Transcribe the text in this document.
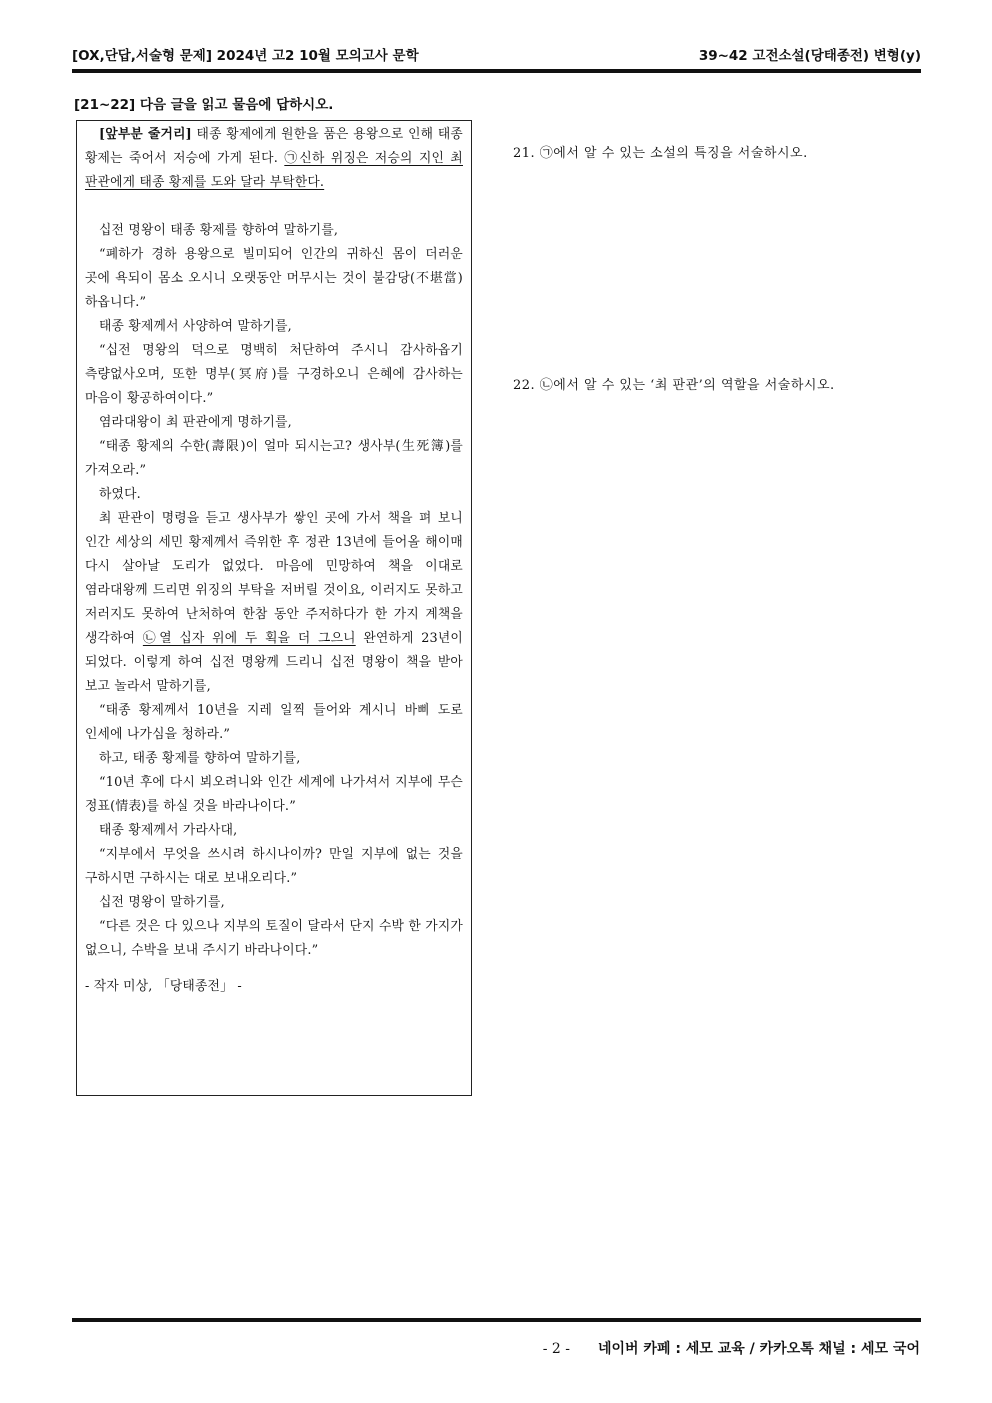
[OX,단답,서술형 문제] 2024년 고2 10월 모의고사 문학	39~42 고전소설(당태종전) 변형(y)
[21~22] 다음 글을 읽고 물음에 답하시오.

[앞부분 줄거리] 태종 황제에게 원한을 품은 용왕으로 인해 태종 황제는 죽어서 저승에 가게 된다. ㉠신하 위징은 저승의 지인 최 판관에게 태종 황제를 도와 달라 부탁한다.

십전 명왕이 태종 황제를 향하여 말하기를,

“폐하가 경하 용왕으로 빌미되어 인간의 귀하신 몸이 더러운 곳에 욕되이 몸소 오시니 오랫동안 머무시는 것이 불감당(不堪當)하옵니다.”

태종 황제께서 사양하여 말하기를,

“십전 명왕의 덕으로 명백히 처단하여 주시니 감사하옵기 측량없사오며, 또한 명부(冥府)를 구경하오니 은혜에 감사하는 마음이 황공하여이다.”

염라대왕이 최 판관에게 명하기를,

“태종 황제의 수한(壽限)이 얼마 되시는고? 생사부(生死簿)를 가져오라.”

하였다.

최 판관이 명령을 듣고 생사부가 쌓인 곳에 가서 책을 펴 보니 인간 세상의 세민 황제께서 즉위한 후 정관 13년에 들어올 해이매 다시 살아날 도리가 없었다. 마음에 민망하여 책을 이대로 염라대왕께 드리면 위징의 부탁을 저버릴 것이요, 이러지도 못하고 저러지도 못하여 난처하여 한참 동안 주저하다가 한 가지 계책을 생각하여 ㉡열 십자 위에 두 획을 더 그으니 완연하게 23년이 되었다. 이렇게 하여 십전 명왕께 드리니 십전 명왕이 책을 받아 보고 놀라서 말하기를,

“태종 황제께서 10년을 지레 일찍 들어와 계시니 바삐 도로 인세에 나가심을 청하라.”

하고, 태종 황제를 향하여 말하기를,

“10년 후에 다시 뵈오려니와 인간 세계에 나가셔서 지부에 무슨 정표(情表)를 하실 것을 바라나이다.”

태종 황제께서 가라사대,

“지부에서 무엇을 쓰시려 하시나이까? 만일 지부에 없는 것을 구하시면 구하시는 대로 보내오리다.”

십전 명왕이 말하기를,

“다른 것은 다 있으나 지부의 토질이 달라서 단지 수박 한 가지가 없으니, 수박을 보내 주시기 바라나이다.”

- 작자 미상, 「당태종전」 -

21. ㉠에서 알 수 있는 소설의 특징을 서술하시오.
22. ㉡에서 알 수 있는 ‘최 판관’의 역할을 서술하시오.
- 2 - 네이버 카페 : 세모 교육 / 카카오톡 채널 : 세모 국어
